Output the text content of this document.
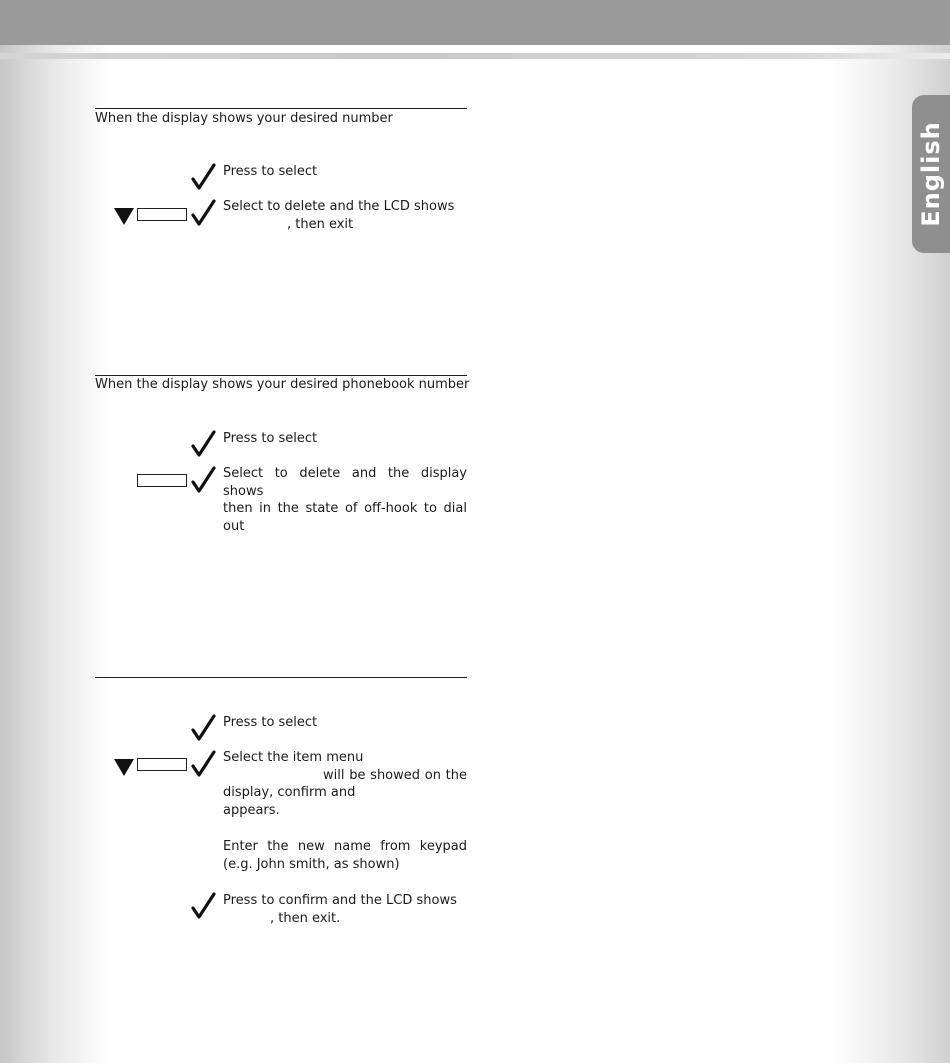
English
When the display shows your desired number
Press to select

Select to delete and the LCD shows

, then exit

When the display shows your desired phonebook number
Press to select

Select to delete and the display shows

then in the state of off-hook to dial out

Press to select

Select the item menu

will be showed on the display, confirm and

appears.

Enter the new name from keypad (e.g. John smith, as shown)

Press to confirm and the LCD shows

, then exit.
